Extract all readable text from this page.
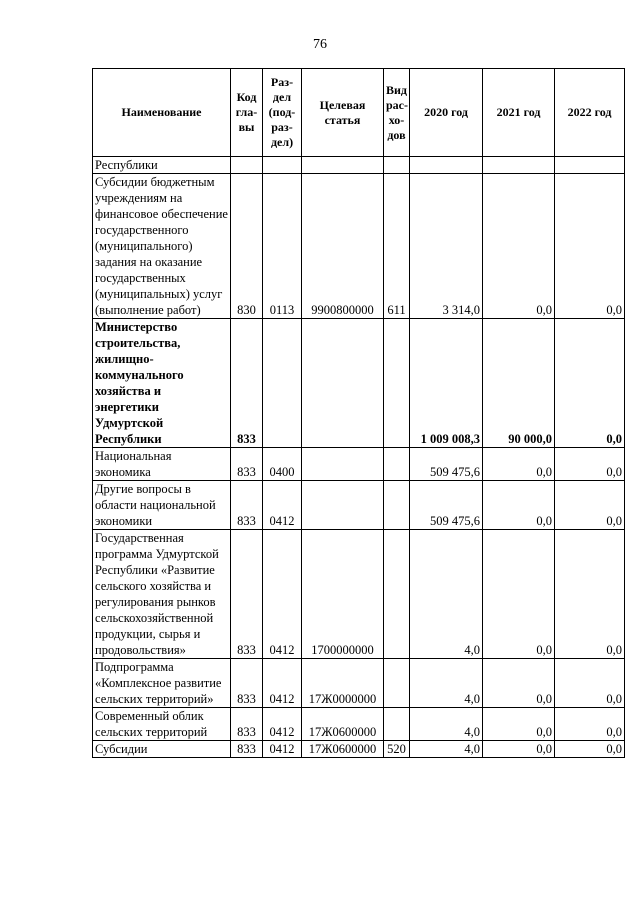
76
Наименование	Код гла-вы	Раз-дел (под-раз-дел)	Целевая статья	Вид рас-хо-дов	2020 год	2021 год	2022 год
Республики							
Субсидии бюджетным учреждениям на финансовое обеспечение государственного (муниципального) задания на оказание государственных (муниципальных) услуг (выполнение работ)	830	0113	9900800000	611	3 314,0	0,0	0,0
Министерство строительства, жилищно-коммунального хозяйства и энергетики Удмуртской Республики	833				1 009 008,3	90 000,0	0,0
Национальная экономика	833	0400			509 475,6	0,0	0,0
Другие вопросы в области национальной экономики	833	0412			509 475,6	0,0	0,0
Государственная программа Удмуртской Республики «Развитие сельского хозяйства и регулирования рынков сельскохозяйственной продукции, сырья и продовольствия»	833	0412	1700000000		4,0	0,0	0,0
Подпрограмма «Комплексное развитие сельских территорий»	833	0412	17Ж0000000		4,0	0,0	0,0
Современный облик сельских территорий	833	0412	17Ж0600000		4,0	0,0	0,0
Субсидии	833	0412	17Ж0600000	520	4,0	0,0	0,0
